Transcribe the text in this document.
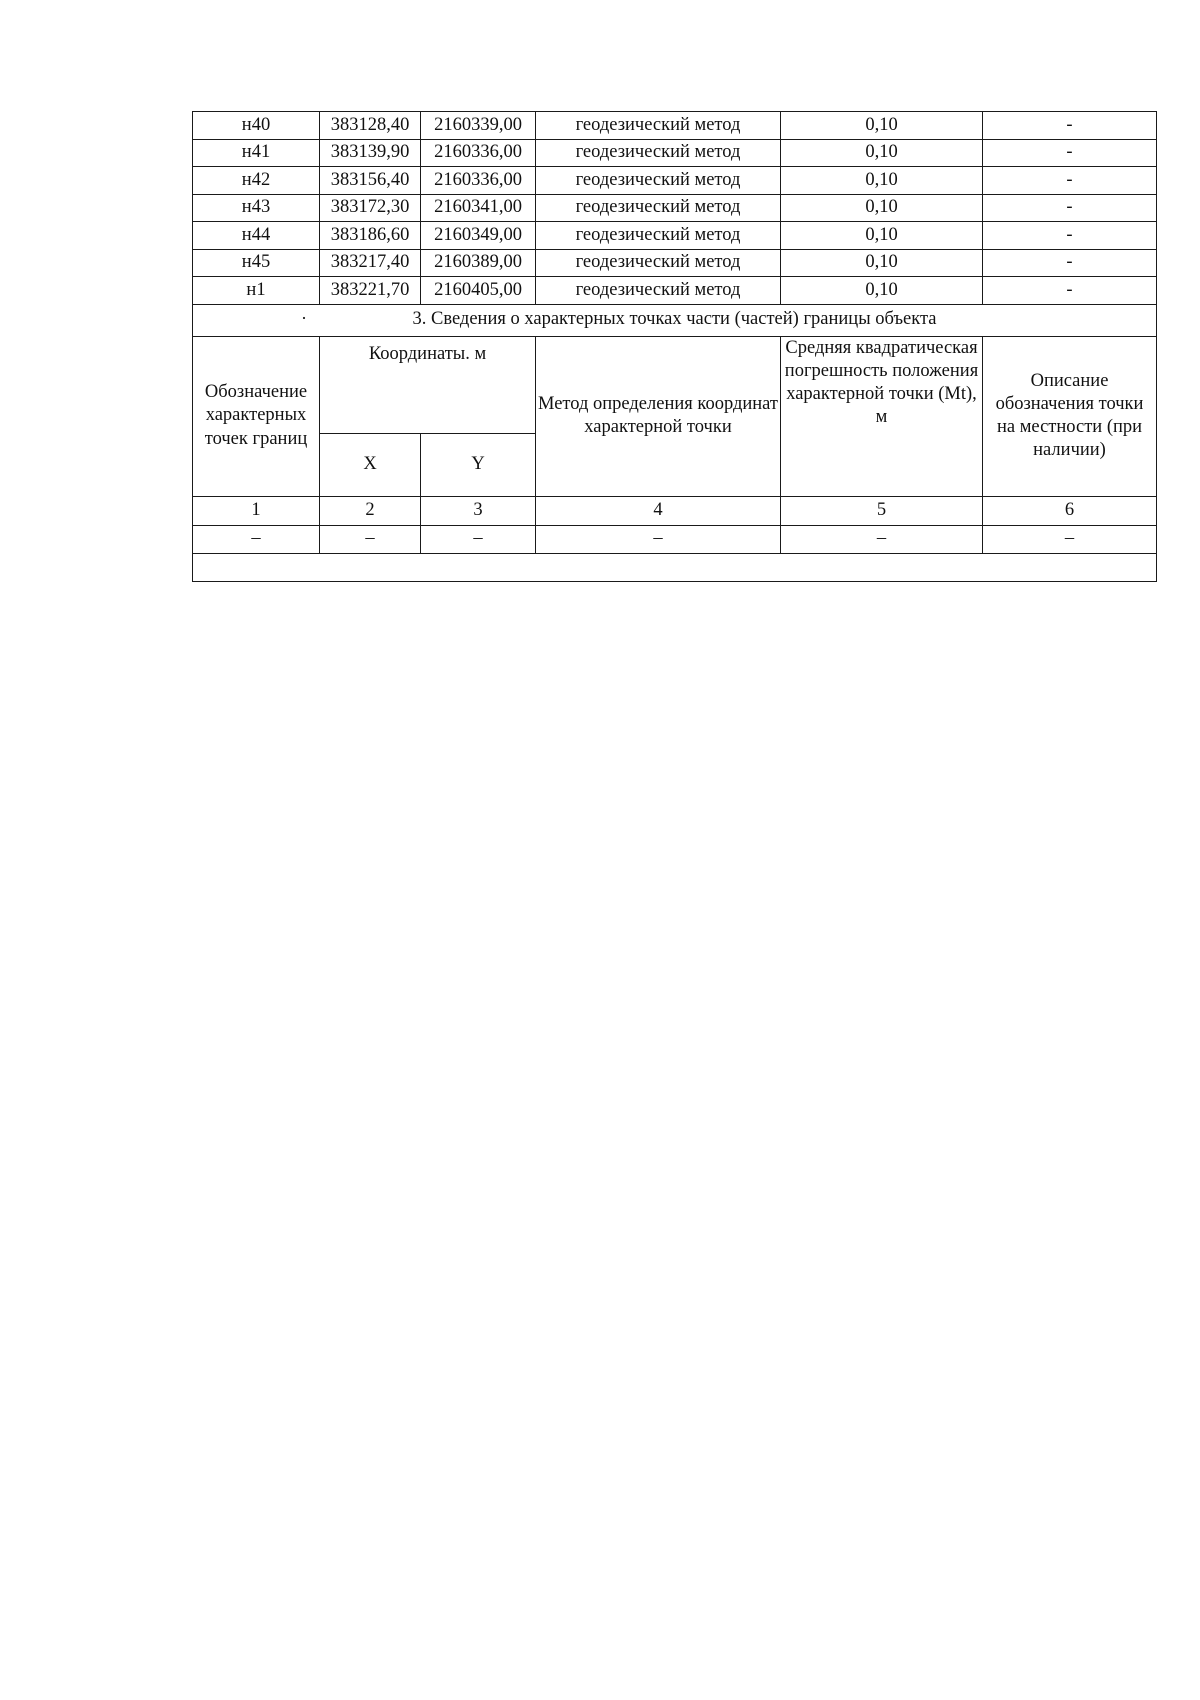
н40	383128,40	2160339,00	геодезический метод	0,10	-
н41	383139,90	2160336,00	геодезический метод	0,10	-
н42	383156,40	2160336,00	геодезический метод	0,10	-
н43	383172,30	2160341,00	геодезический метод	0,10	-
н44	383186,60	2160349,00	геодезический метод	0,10	-
н45	383217,40	2160389,00	геодезический метод	0,10	-
н1	383221,70	2160405,00	геодезический метод	0,10	-

· 3. Сведения о характерных точках части (частей) границы объекта					
Обозначение характерных точек границ	Координаты. м		Метод определения координат характерной точки	Средняя квадратическая погрешность положения характерной точки (Mt), м	Описание обозначения точки на местности (при наличии)
	X	Y			
1	2	3	4	5	6
–	–	–	–	–	–
